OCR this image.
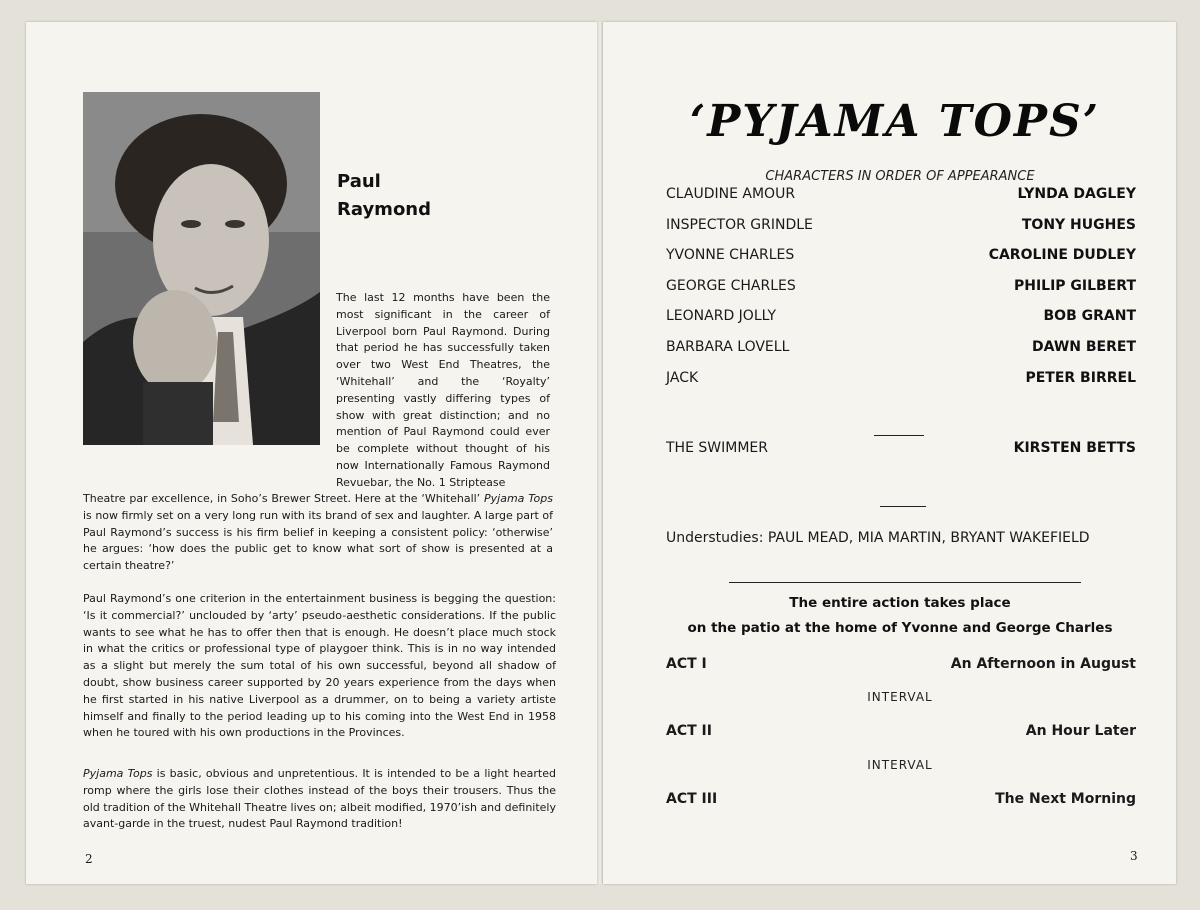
Paul
Raymond

The last 12 months have been the most significant in the career of Liverpool born Paul Raymond. During that period he has successfully taken over two West End Theatres, the ‘Whitehall’ and the ‘Royalty’ presenting vastly differing types of show with great distinction; and no mention of Paul Raymond could ever be complete without thought of his now Internationally Famous Raymond Revuebar, the No. 1 Striptease

Theatre par excellence, in Soho’s Brewer Street. Here at the ‘Whitehall’ Pyjama Tops is now firmly set on a very long run with its brand of sex and laughter. A large part of Paul Raymond’s success is his firm belief in keeping a consistent policy: ‘otherwise’ he argues: ‘how does the public get to know what sort of show is presented at a certain theatre?’

Paul Raymond’s one criterion in the entertainment business is begging the question: ‘Is it commercial?’ unclouded by ‘arty’ pseudo-aesthetic considerations. If the public wants to see what he has to offer then that is enough. He doesn’t place much stock in what the critics or professional type of playgoer think. This is in no way intended as a slight but merely the sum total of his own successful, beyond all shadow of doubt, show business career supported by 20 years experience from the days when he first started in his native Liverpool as a drummer, on to being a variety artiste himself and finally to the period leading up to his coming into the West End in 1958 when he toured with his own productions in the Provinces.

Pyjama Tops is basic, obvious and unpretentious. It is intended to be a light hearted romp where the girls lose their clothes instead of the boys their trousers. Thus the old tradition of the Whitehall Theatre lives on; albeit modified, 1970’ish and definitely avant-garde in the truest, nudest Paul Raymond tradition!

2
‘PYJAMA TOPS’
CHARACTERS IN ORDER OF APPEARANCE
CLAUDINE AMOUR	LYNDA DAGLEY
INSPECTOR GRINDLE	TONY HUGHES
YVONNE CHARLES	CAROLINE DUDLEY
GEORGE CHARLES	PHILIP GILBERT
LEONARD JOLLY	BOB GRANT
BARBARA LOVELL	DAWN BERET
JACK	PETER BIRREL
THE SWIMMER	KIRSTEN BETTS
Understudies: PAUL MEAD, MIA MARTIN, BRYANT WAKEFIELD
The entire action takes place
on the patio at the home of Yvonne and George Charles
ACT I	An Afternoon in August
INTERVAL
ACT II	An Hour Later
INTERVAL
ACT III	The Next Morning
3
